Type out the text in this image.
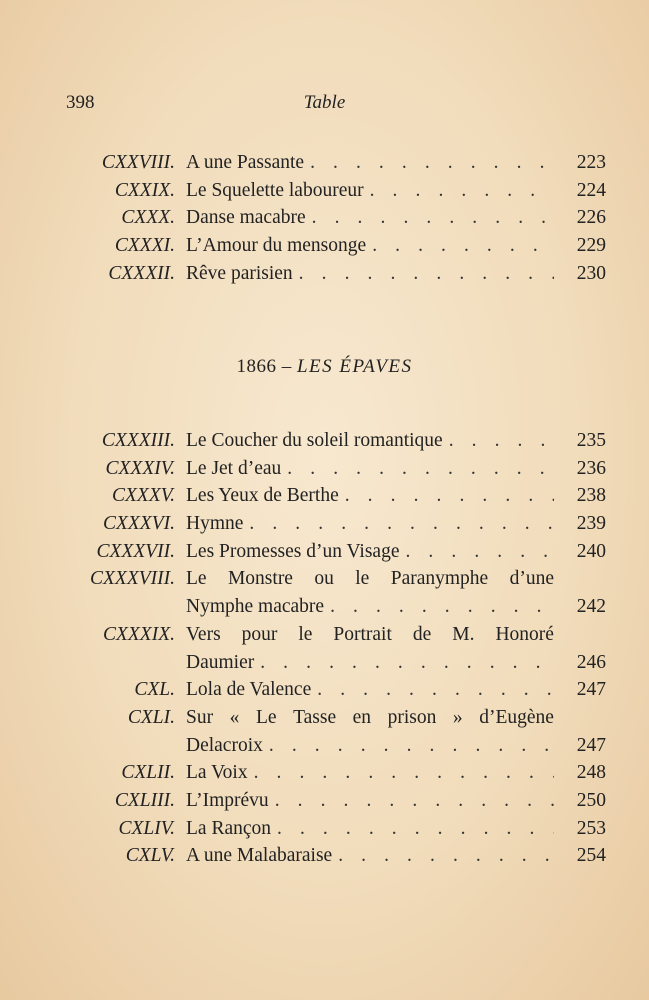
398	Table
CXXVIII. A une Passante . . .	223
CXXIX. Le Squelette laboureur . . .	224
CXXX. Danse macabre . . .	226
CXXXI. L’Amour du mensonge . . .	229
CXXXII. Rêve parisien . . .	230
1866 – LES ÉPAVES
CXXXIII. Le Coucher du soleil romantique . . .	235
CXXXIV. Le Jet d’eau . . .	236
CXXXV. Les Yeux de Berthe . . .	238
CXXXVI. Hymne . . .	239
CXXXVII. Les Promesses d’un Visage . . .	240
CXXXVIII. Le Monstre ou le Paranymphe d’une
Nymphe macabre . . .	242
CXXXIX. Vers pour le Portrait de M. Honoré
Daumier . . .	246
CXL. Lola de Valence . . .	247
CXLI. Sur « Le Tasse en prison » d’Eugène
Delacroix . . .	247
CXLII. La Voix . . .	248
CXLIII. L’Imprévu . . .	250
CXLIV. La Rançon . . .	253
CXLV. A une Malabaraise . . .	254
